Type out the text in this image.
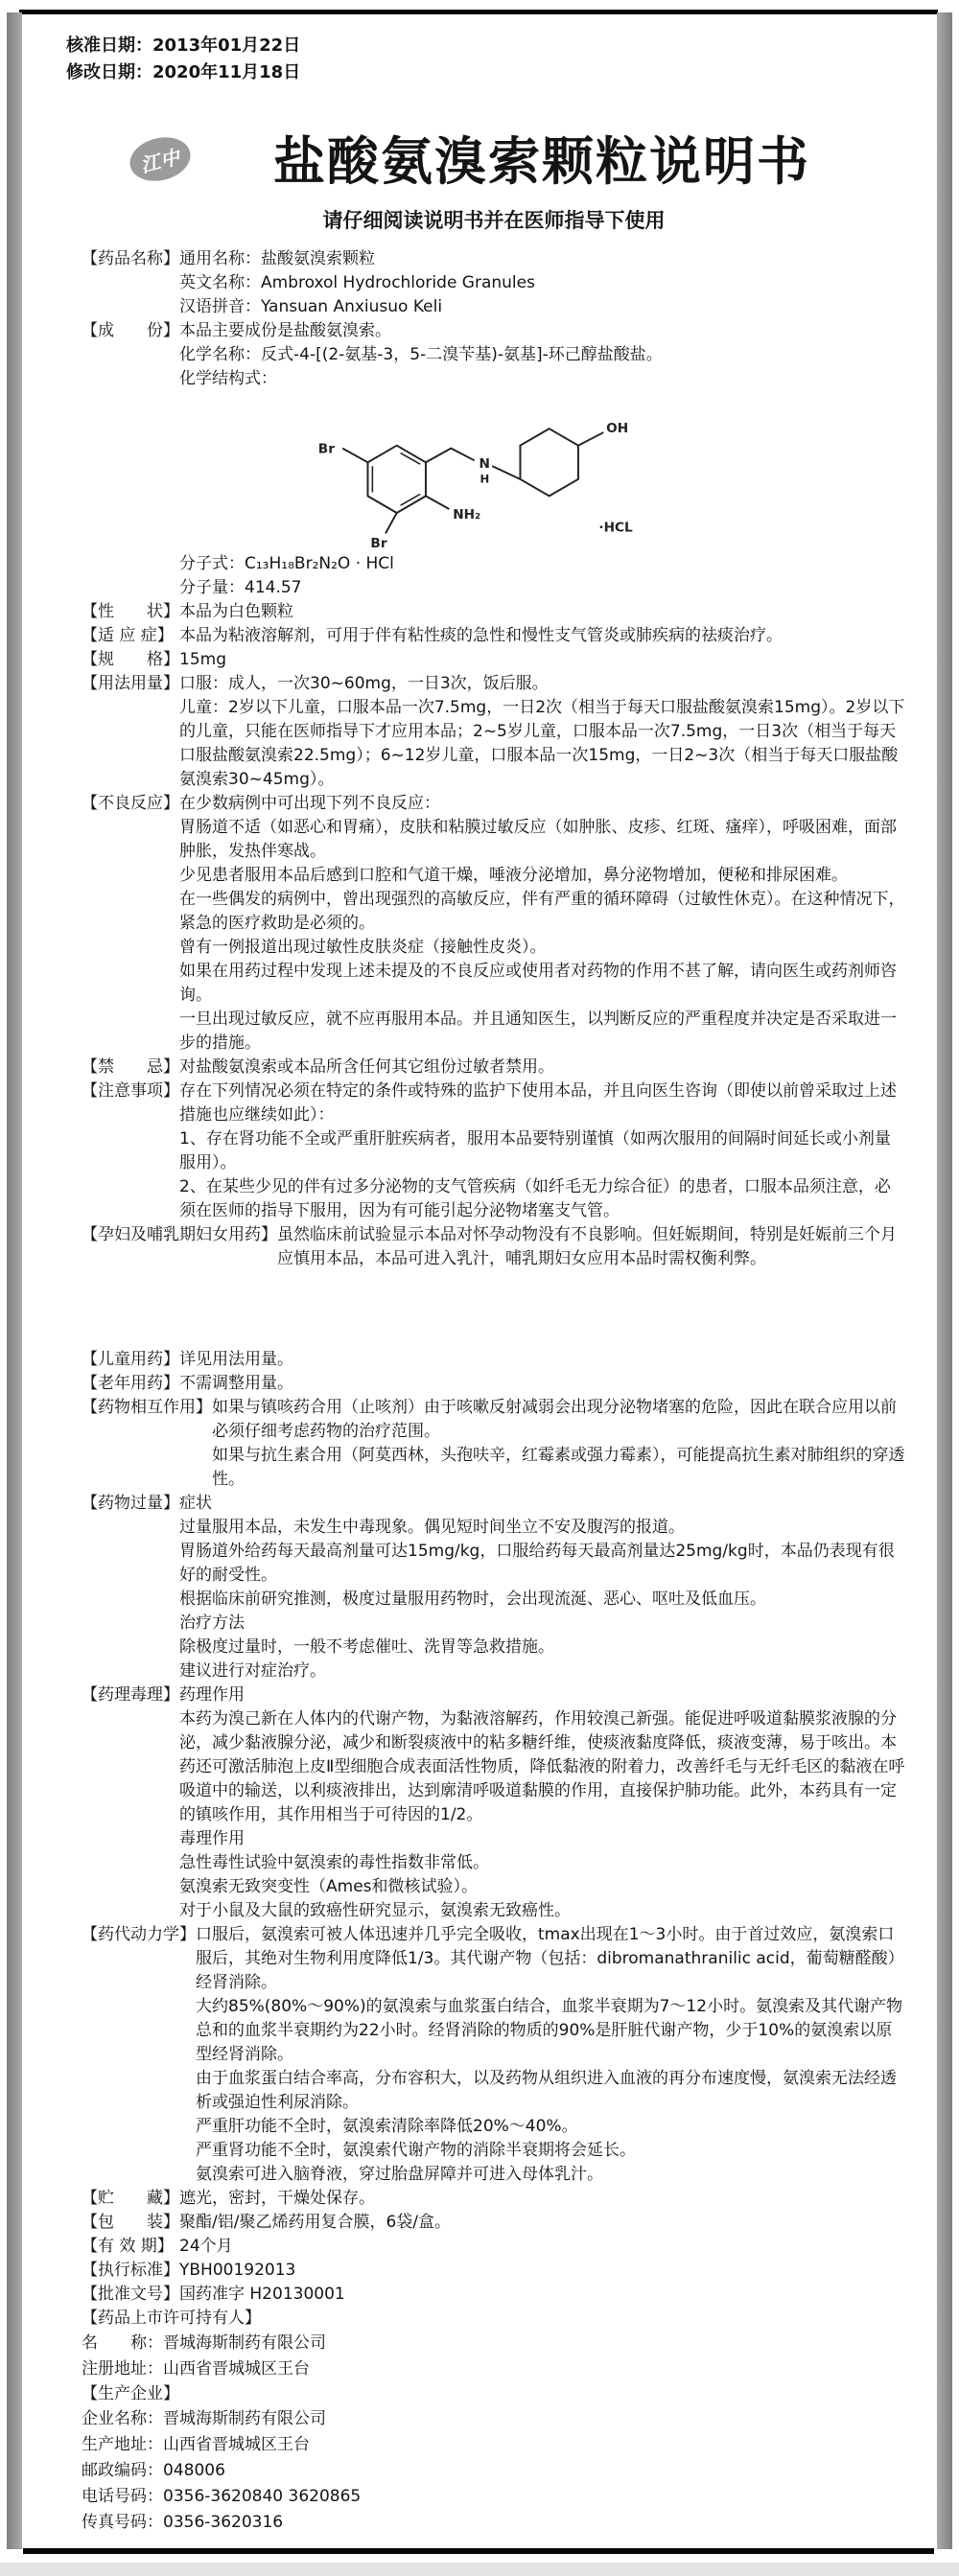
核准日期：2013年01月22日
修改日期：2020年11月18日
江中	盐酸氨溴索颗粒说明书
请仔细阅读说明书并在医师指导下使用
【药品名称】 通用名称：盐酸氨溴索颗粒
英文名称：Ambroxol Hydrochloride Granules
汉语拼音：Yansuan Anxiusuo Keli
【成　　份】 本品主要成份是盐酸氨溴索。
化学名称：反式-4-[(2-氨基-3，5-二溴苄基)-氨基]-环己醇盐酸盐。
化学结构式：
Br
Br
NH₂
N
H
OH
·HCL
分子式：C₁₃H₁₈Br₂N₂O · HCl
分子量：414.57
【性　　状】 本品为白色颗粒
【适 应 症】 本品为粘液溶解剂，可用于伴有粘性痰的急性和慢性支气管炎或肺疾病的祛痰治疗。
【规　　格】 15mg
【用法用量】 口服：成人，一次30~60mg，一日3次，饭后服。
儿童：2岁以下儿童，口服本品一次7.5mg，一日2次（相当于每天口服盐酸氨溴索15mg）。2岁以下的儿童，只能在医师指导下才应用本品；2~5岁儿童，口服本品一次7.5mg，一日3次（相当于每天口服盐酸氨溴索22.5mg）；6~12岁儿童，口服本品一次15mg，一日2~3次（相当于每天口服盐酸氨溴索30~45mg）。
【不良反应】 在少数病例中可出现下列不良反应：
胃肠道不适（如恶心和胃痛），皮肤和粘膜过敏反应（如肿胀、皮疹、红斑、瘙痒），呼吸困难，面部肿胀，发热伴寒战。
少见患者服用本品后感到口腔和气道干燥，唾液分泌增加，鼻分泌物增加，便秘和排尿困难。
在一些偶发的病例中，曾出现强烈的高敏反应，伴有严重的循环障碍（过敏性休克）。在这种情况下，紧急的医疗救助是必须的。
曾有一例报道出现过敏性皮肤炎症（接触性皮炎）。
如果在用药过程中发现上述未提及的不良反应或使用者对药物的作用不甚了解，请向医生或药剂师咨询。
一旦出现过敏反应，就不应再服用本品。并且通知医生，以判断反应的严重程度并决定是否采取进一步的措施。
【禁　　忌】 对盐酸氨溴索或本品所含任何其它组份过敏者禁用。
【注意事项】 存在下列情况必须在特定的条件或特殊的监护下使用本品，并且向医生咨询（即使以前曾采取过上述措施也应继续如此）：
1、存在肾功能不全或严重肝脏疾病者，服用本品要特别谨慎（如两次服用的间隔时间延长或小剂量服用）。
2、在某些少见的伴有过多分泌物的支气管疾病（如纤毛无力综合征）的患者，口服本品须注意，必须在医师的指导下服用，因为有可能引起分泌物堵塞支气管。
【孕妇及哺乳期妇女用药】 虽然临床前试验显示本品对怀孕动物没有不良影响。但妊娠期间，特别是妊娠前三个月应慎用本品，本品可进入乳汁，哺乳期妇女应用本品时需权衡利弊。
【儿童用药】 详见用法用量。
【老年用药】 不需调整用量。
【药物相互作用】 如果与镇咳药合用（止咳剂）由于咳嗽反射减弱会出现分泌物堵塞的危险，因此在联合应用以前必须仔细考虑药物的治疗范围。
如果与抗生素合用（阿莫西林，头孢呋辛，红霉素或强力霉素），可能提高抗生素对肺组织的穿透性。
【药物过量】 症状
过量服用本品，未发生中毒现象。偶见短时间坐立不安及腹泻的报道。
胃肠道外给药每天最高剂量可达15mg/kg，口服给药每天最高剂量达25mg/kg时，本品仍表现有很好的耐受性。
根据临床前研究推测，极度过量服用药物时，会出现流涎、恶心、呕吐及低血压。
治疗方法
除极度过量时，一般不考虑催吐、洗胃等急救措施。
建议进行对症治疗。
【药理毒理】 药理作用
本药为溴己新在人体内的代谢产物，为黏液溶解药，作用较溴己新强。能促进呼吸道黏膜浆液腺的分泌，减少黏液腺分泌，减少和断裂痰液中的粘多糖纤维，使痰液黏度降低，痰液变薄，易于咳出。本药还可激活肺泡上皮Ⅱ型细胞合成表面活性物质，降低黏液的附着力，改善纤毛与无纤毛区的黏液在呼吸道中的输送，以利痰液排出，达到廓清呼吸道黏膜的作用，直接保护肺功能。此外，本药具有一定的镇咳作用，其作用相当于可待因的1/2。
毒理作用
急性毒性试验中氨溴索的毒性指数非常低。
氨溴索无致突变性（Ames和微核试验）。
对于小鼠及大鼠的致癌性研究显示，氨溴索无致癌性。
【药代动力学】 口服后，氨溴索可被人体迅速并几乎完全吸收，tmax出现在1～3小时。由于首过效应，氨溴索口服后，其绝对生物利用度降低1/3。其代谢产物（包括：dibromanathranilic acid，葡萄糖醛酸）经肾消除。
大约85%(80%～90%)的氨溴索与血浆蛋白结合，血浆半衰期为7～12小时。氨溴索及其代谢产物总和的血浆半衰期约为22小时。经肾消除的物质的90%是肝脏代谢产物，少于10%的氨溴索以原型经肾消除。
由于血浆蛋白结合率高，分布容积大，以及药物从组织进入血液的再分布速度慢，氨溴索无法经透析或强迫性利尿消除。
严重肝功能不全时，氨溴索清除率降低20%～40%。
严重肾功能不全时，氨溴索代谢产物的消除半衰期将会延长。
氨溴索可进入脑脊液，穿过胎盘屏障并可进入母体乳汁。
【贮　　藏】 遮光，密封，干燥处保存。
【包　　装】 聚酯/铝/聚乙烯药用复合膜，6袋/盒。
【有 效 期】 24个月
【执行标准】 YBH00192013
【批准文号】 国药准字 H20130001
【药品上市许可持有人】
名　　称：晋城海斯制药有限公司
注册地址：山西省晋城城区王台
【生产企业】
企业名称：晋城海斯制药有限公司
生产地址：山西省晋城城区王台
邮政编码：048006
电话号码：0356-3620840 3620865
传真号码：0356-3620316
